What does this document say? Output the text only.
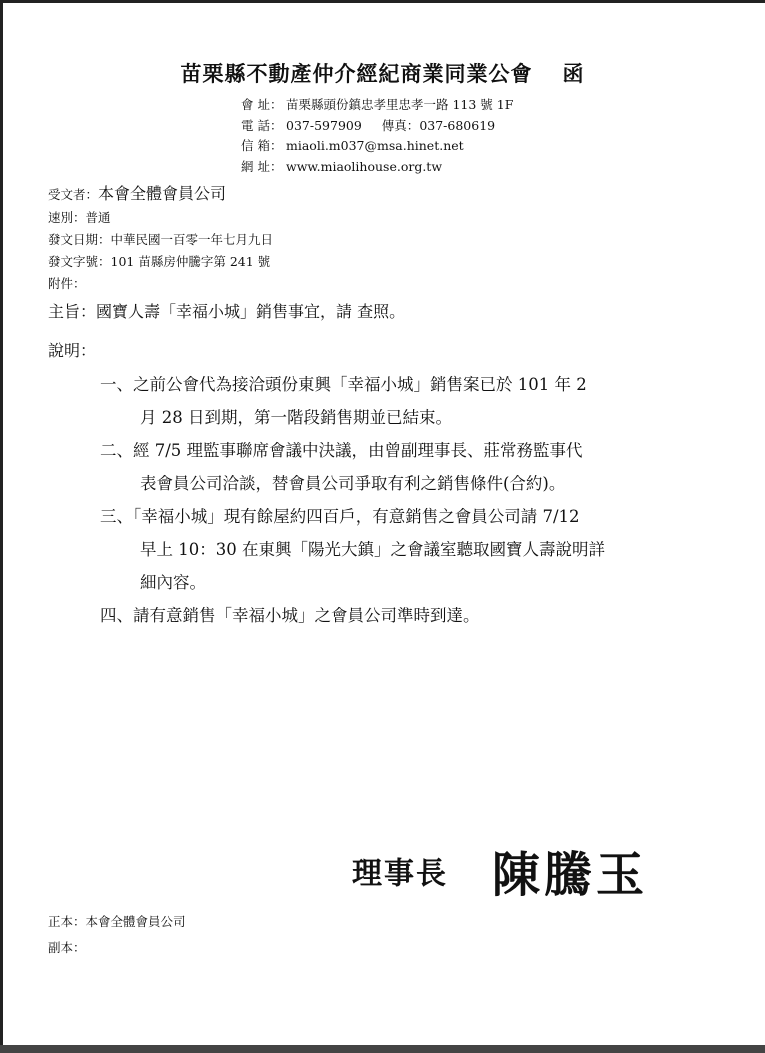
苗栗縣不動產仲介經紀商業同業公會 函
會 址： 苗栗縣頭份鎮忠孝里忠孝一路 113 號 1F
電 話： 037-597909 傳真：037-680619
信 箱： miaoli.m037@msa.hinet.net
網 址： www.miaolihouse.org.tw
受文者：本會全體會員公司
速別：普通
發文日期：中華民國一百零一年七月九日
發文字號：101 苗縣房仲騰字第 241 號
附件：
主旨：國寶人壽「幸福小城」銷售事宜，請 查照。
說明：
一、之前公會代為接洽頭份東興「幸福小城」銷售案已於 101 年 2
月 28 日到期，第一階段銷售期並已結束。
二、經 7/5 理監事聯席會議中決議，由曾副理事長、莊常務監事代
表會員公司洽談，替會員公司爭取有利之銷售條件(合約)。
三、「幸福小城」現有餘屋約四百戶，有意銷售之會員公司請 7/12
早上 10：30 在東興「陽光大鎮」之會議室聽取國寶人壽說明詳
細內容。
四、請有意銷售「幸福小城」之會員公司準時到達。
理事長 陳騰玉
正本：本會全體會員公司
副本：
